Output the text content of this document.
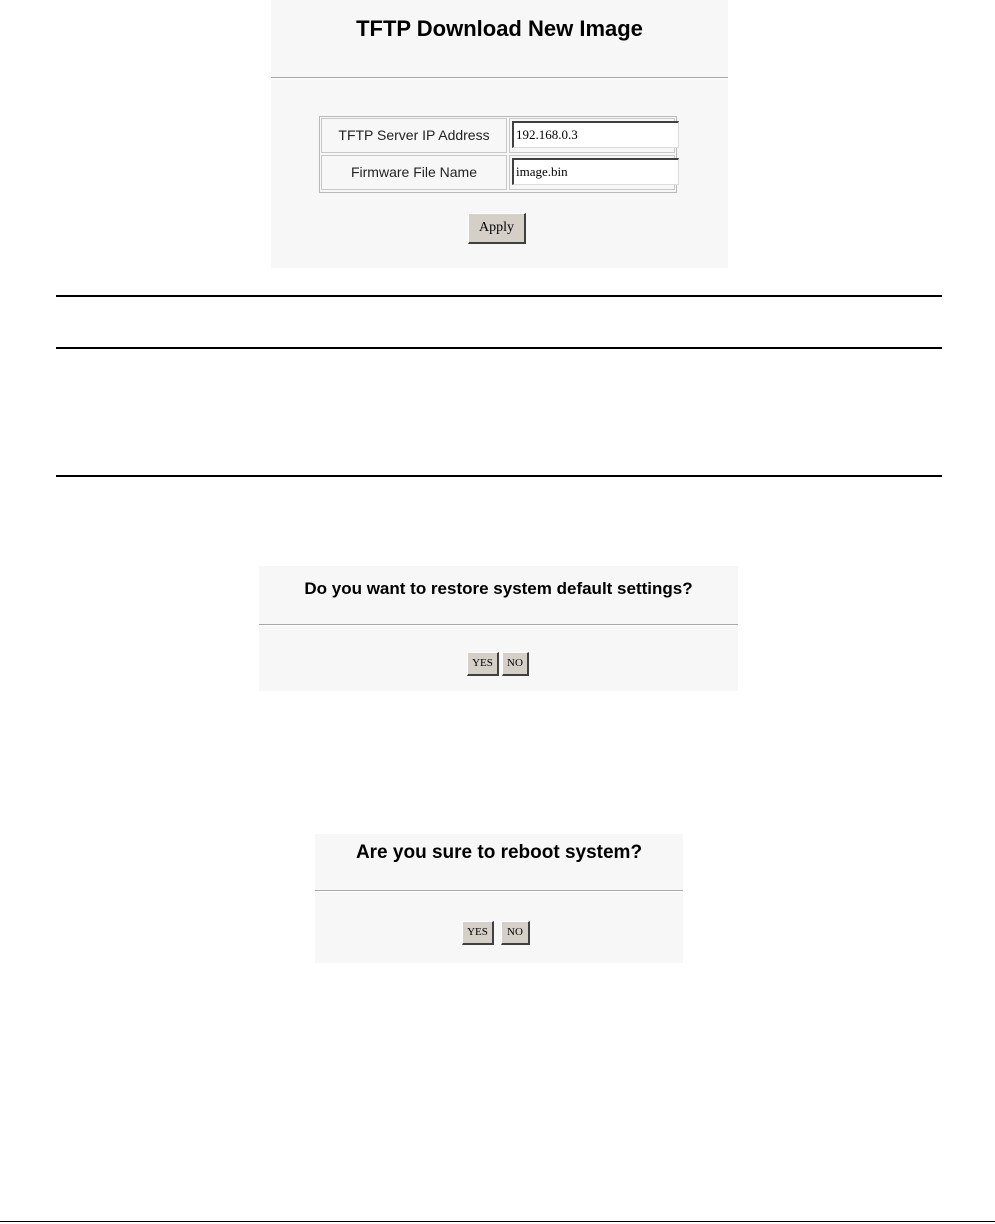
TFTP Download New Image
TFTP Server IP Address
192.168.0.3
Firmware File Name
image.bin
Apply
Do you want to restore system default settings?
YES	NO
Are you sure to reboot system?
YES	NO
